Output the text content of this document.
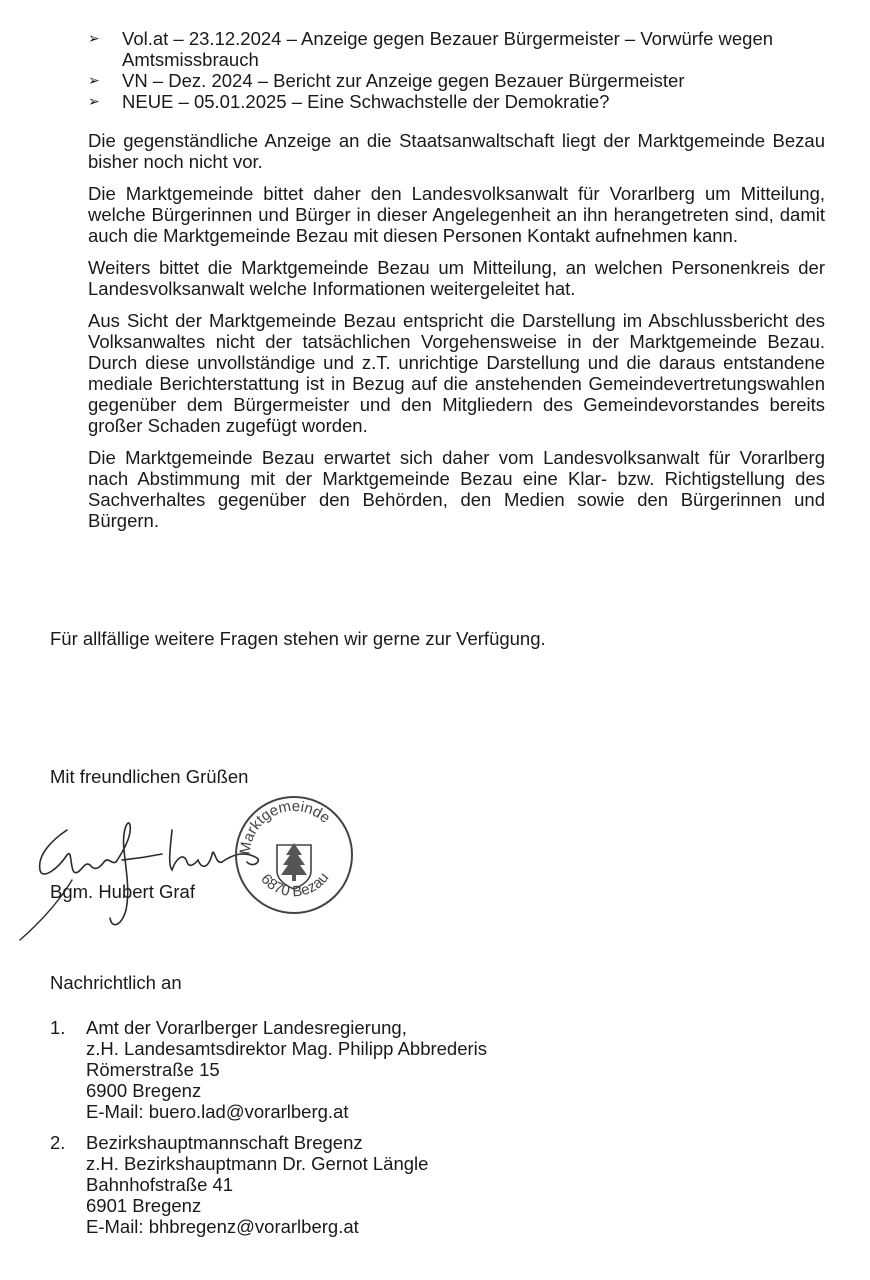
➢ Vol.at – 23.12.2024 – Anzeige gegen Bezauer Bürgermeister – Vorwürfe wegen Amtsmissbrauch
➢ VN – Dez. 2024 – Bericht zur Anzeige gegen Bezauer Bürgermeister
➢ NEUE – 05.01.2025 – Eine Schwachstelle der Demokratie?

Die gegenständliche Anzeige an die Staatsanwaltschaft liegt der Marktgemeinde Bezau bisher noch nicht vor.

Die Marktgemeinde bittet daher den Landesvolksanwalt für Vorarlberg um Mitteilung, welche Bürgerinnen und Bürger in dieser Angelegenheit an ihn herangetreten sind, damit auch die Marktgemeinde Bezau mit diesen Personen Kontakt aufnehmen kann.

Weiters bittet die Marktgemeinde Bezau um Mitteilung, an welchen Personenkreis der Landesvolksanwalt welche Informationen weitergeleitet hat.

Aus Sicht der Marktgemeinde Bezau entspricht die Darstellung im Abschlussbericht des Volksanwaltes nicht der tatsächlichen Vorgehensweise in der Marktgemeinde Bezau. Durch diese unvollständige und z.T. unrichtige Darstellung und die daraus entstandene mediale Berichterstattung ist in Bezug auf die anstehenden Gemeindevertretungswahlen gegenüber dem Bürgermeister und den Mitgliedern des Gemeindevorstandes bereits großer Schaden zugefügt worden.

Die Marktgemeinde Bezau erwartet sich daher vom Landesvolksanwalt für Vorarlberg nach Abstimmung mit der Marktgemeinde Bezau eine Klar- bzw. Richtigstellung des Sachverhaltes gegenüber den Behörden, den Medien sowie den Bürgerinnen und Bürgern.

Für allfällige weitere Fragen stehen wir gerne zur Verfügung.

Mit freundlichen Grüßen

Bgm. Hubert Graf

Marktgemeinde
6870 Bezau

Nachrichtlich an

1. Amt der Vorarlberger Landesregierung,
z.H. Landesamtsdirektor Mag. Philipp Abbrederis
Römerstraße 15
6900 Bregenz
E-Mail: buero.lad@vorarlberg.at
2. Bezirkshauptmannschaft Bregenz
z.H. Bezirkshauptmann Dr. Gernot Längle
Bahnhofstraße 41
6901 Bregenz
E-Mail: bhbregenz@vorarlberg.at
